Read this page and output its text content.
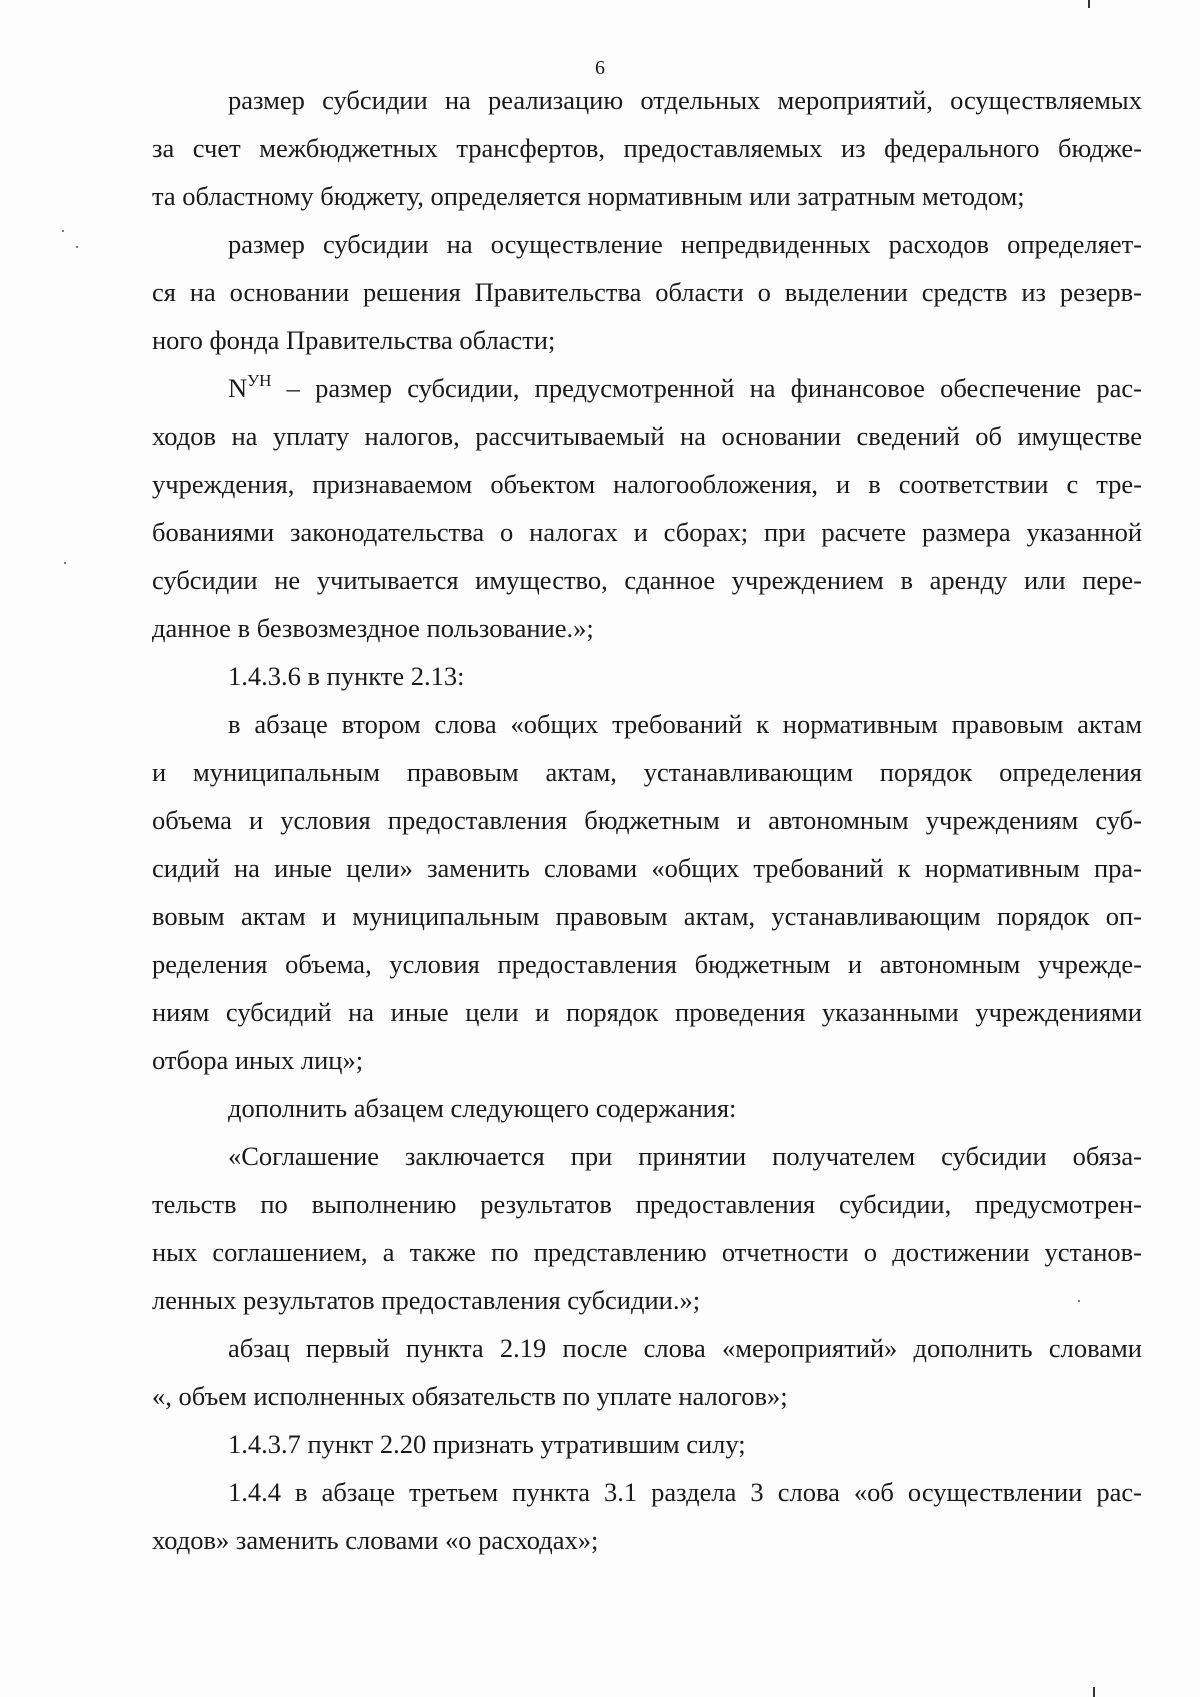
6

размер субсидии на реализацию отдельных мероприятий, осуществляемых
за счет межбюджетных трансфертов, предоставляемых из федерального бюдже-
та областному бюджету, определяется нормативным или затратным методом;

размер субсидии на осуществление непредвиденных расходов определяет-
ся на основании решения Правительства области о выделении средств из резерв-
ного фонда Правительства области;

$N^{УН}$ – размер субсидии, предусмотренной на финансовое обеспечение рас-
ходов на уплату налогов, рассчитываемый на основании сведений об имуществе
учреждения, признаваемом объектом налогообложения, и в соответствии с тре-
бованиями законодательства о налогах и сборах; при расчете размера указанной
субсидии не учитывается имущество, сданное учреждением в аренду или пере-
данное в безвозмездное пользование.»;

1.4.3.6 в пункте 2.13:

в абзаце втором слова «общих требований к нормативным правовым актам
и муниципальным правовым актам, устанавливающим порядок определения
объема и условия предоставления бюджетным и автономным учреждениям суб-
сидий на иные цели» заменить словами «общих требований к нормативным пра-
вовым актам и муниципальным правовым актам, устанавливающим порядок оп-
ределения объема, условия предоставления бюджетным и автономным учрежде-
ниям субсидий на иные цели и порядок проведения указанными учреждениями
отбора иных лиц»;

дополнить абзацем следующего содержания:

«Соглашение заключается при принятии получателем субсидии обяза-
тельств по выполнению результатов предоставления субсидии, предусмотрен-
ных соглашением, а также по представлению отчетности о достижении установ-
ленных результатов предоставления субсидии.»;

абзац первый пункта 2.19 после слова «мероприятий» дополнить словами
«, объем исполненных обязательств по уплате налогов»;

1.4.3.7 пункт 2.20 признать утратившим силу;

1.4.4 в абзаце третьем пункта 3.1 раздела 3 слова «об осуществлении рас-
ходов» заменить словами «о расходах»;
